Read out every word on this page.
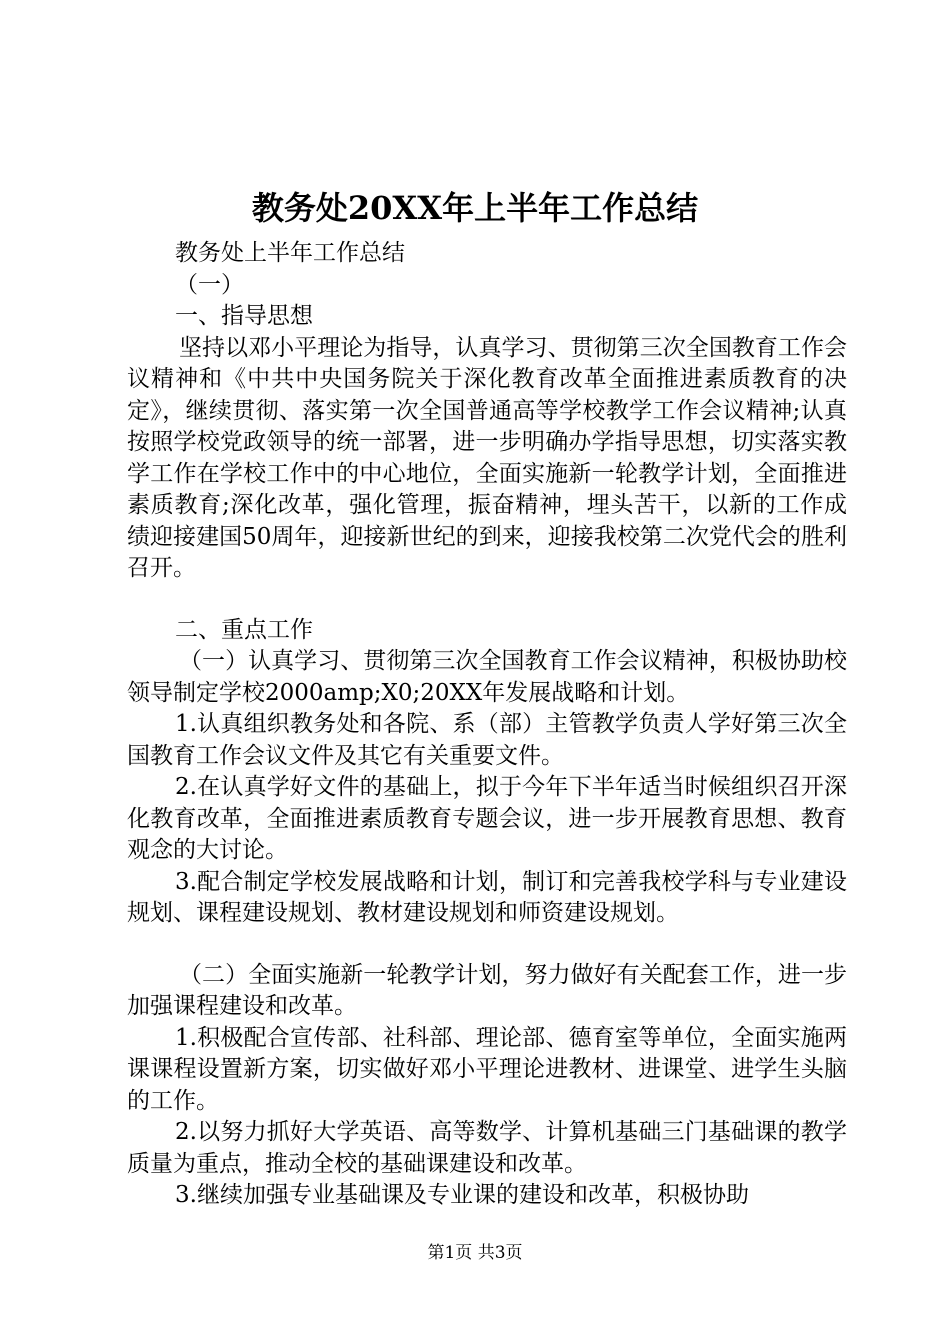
教务处20XX年上半年工作总结

教务处上半年工作总结

（一）

一、指导思想

坚持以邓小平理论为指导，认真学习、贯彻第三次全国教育工作会议精神和《中共中央国务院关于深化教育改革全面推进素质教育的决定》，继续贯彻、落实第一次全国普通高等学校教学工作会议精神;认真按照学校党政领导的统一部署，进一步明确办学指导思想，切实落实教学工作在学校工作中的中心地位，全面实施新一轮教学计划，全面推进素质教育;深化改革，强化管理，振奋精神，埋头苦干，以新的工作成绩迎接建国50周年，迎接新世纪的到来，迎接我校第二次党代会的胜利召开。

二、重点工作

（一）认真学习、贯彻第三次全国教育工作会议精神，积极协助校领导制定学校2000amp;X0;20XX年发展战略和计划。

1.认真组织教务处和各院、系（部）主管教学负责人学好第三次全国教育工作会议文件及其它有关重要文件。

2.在认真学好文件的基础上，拟于今年下半年适当时候组织召开深化教育改革，全面推进素质教育专题会议，进一步开展教育思想、教育观念的大讨论。

3.配合制定学校发展战略和计划，制订和完善我校学科与专业建设规划、课程建设规划、教材建设规划和师资建设规划。

（二）全面实施新一轮教学计划，努力做好有关配套工作，进一步加强课程建设和改革。

1.积极配合宣传部、社科部、理论部、德育室等单位，全面实施两课课程设置新方案，切实做好邓小平理论进教材、进课堂、进学生头脑的工作。

2.以努力抓好大学英语、高等数学、计算机基础三门基础课的教学质量为重点，推动全校的基础课建设和改革。

3.继续加强专业基础课及专业课的建设和改革，积极协助

第1页 共3页
